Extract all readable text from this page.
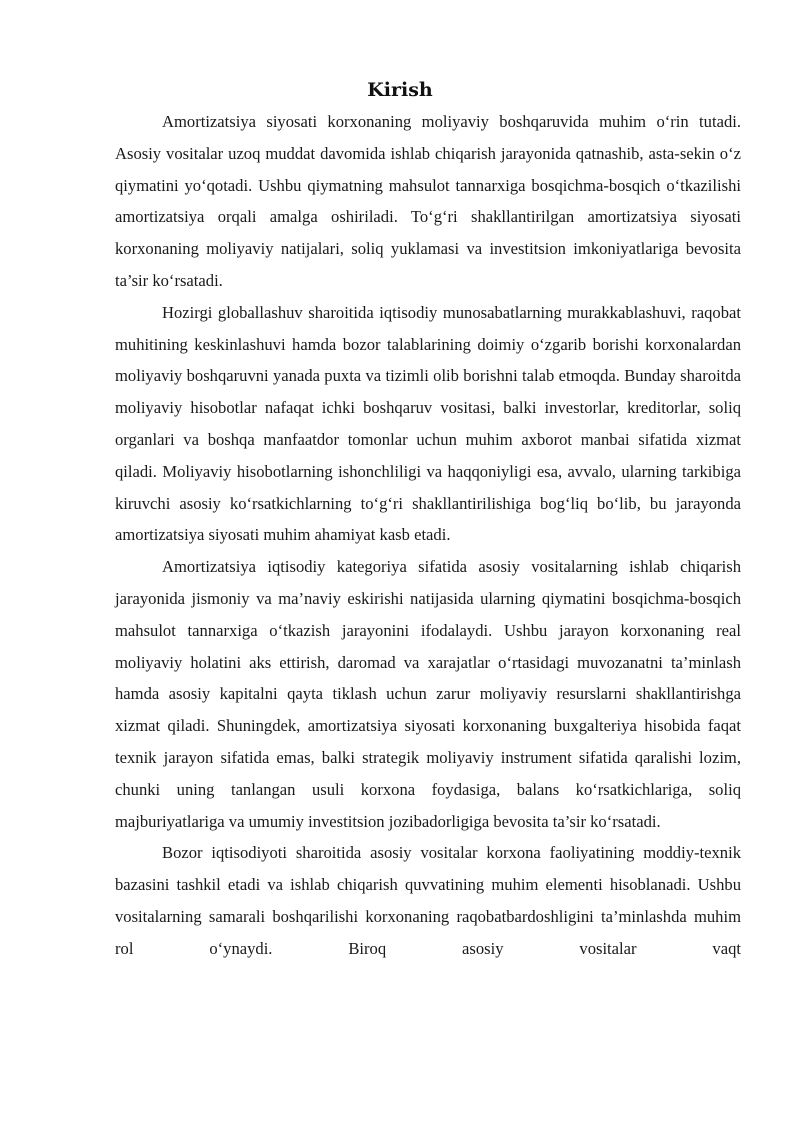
Kirish

Amortizatsiya siyosati korxonaning moliyaviy boshqaruvida muhim o‘rin tutadi. Asosiy vositalar uzoq muddat davomida ishlab chiqarish jarayonida qatnashib, asta-sekin o‘z qiymatini yo‘qotadi. Ushbu qiymatning mahsulot tannarxiga bosqichma-bosqich o‘tkazilishi amortizatsiya orqali amalga oshiriladi. To‘g‘ri shakllantirilgan amortizatsiya siyosati korxonaning moliyaviy natijalari, soliq yuklamasi va investitsion imkoniyatlariga bevosita ta’sir ko‘rsatadi.

Hozirgi globallashuv sharoitida iqtisodiy munosabatlarning murakkablashuvi, raqobat muhitining keskinlashuvi hamda bozor talablarining doimiy o‘zgarib borishi korxonalardan moliyaviy boshqaruvni yanada puxta va tizimli olib borishni talab etmoqda. Bunday sharoitda moliyaviy hisobotlar nafaqat ichki boshqaruv vositasi, balki investorlar, kreditorlar, soliq organlari va boshqa manfaatdor tomonlar uchun muhim axborot manbai sifatida xizmat qiladi. Moliyaviy hisobotlarning ishonchliligi va haqqoniyligi esa, avvalo, ularning tarkibiga kiruvchi asosiy ko‘rsatkichlarning to‘g‘ri shakllantirilishiga bog‘liq bo‘lib, bu jarayonda amortizatsiya siyosati muhim ahamiyat kasb etadi.

Amortizatsiya iqtisodiy kategoriya sifatida asosiy vositalarning ishlab chiqarish jarayonida jismoniy va ma’naviy eskirishi natijasida ularning qiymatini bosqichma-bosqich mahsulot tannarxiga o‘tkazish jarayonini ifodalaydi. Ushbu jarayon korxonaning real moliyaviy holatini aks ettirish, daromad va xarajatlar o‘rtasidagi muvozanatni ta’minlash hamda asosiy kapitalni qayta tiklash uchun zarur moliyaviy resurslarni shakllantirishga xizmat qiladi. Shuningdek, amortizatsiya siyosati korxonaning buxgalteriya hisobida faqat texnik jarayon sifatida emas, balki strategik moliyaviy instrument sifatida qaralishi lozim, chunki uning tanlangan usuli korxona foydasiga, balans ko‘rsatkichlariga, soliq majburiyatlariga va umumiy investitsion jozibadorligiga bevosita ta’sir ko‘rsatadi.

Bozor iqtisodiyoti sharoitida asosiy vositalar korxona faoliyatining moddiy-texnik bazasini tashkil etadi va ishlab chiqarish quvvatining muhim elementi hisoblanadi. Ushbu vositalarning samarali boshqarilishi korxonaning raqobatbardoshligini ta’minlashda muhim rol o‘ynaydi. Biroq asosiy vositalar vaqt
